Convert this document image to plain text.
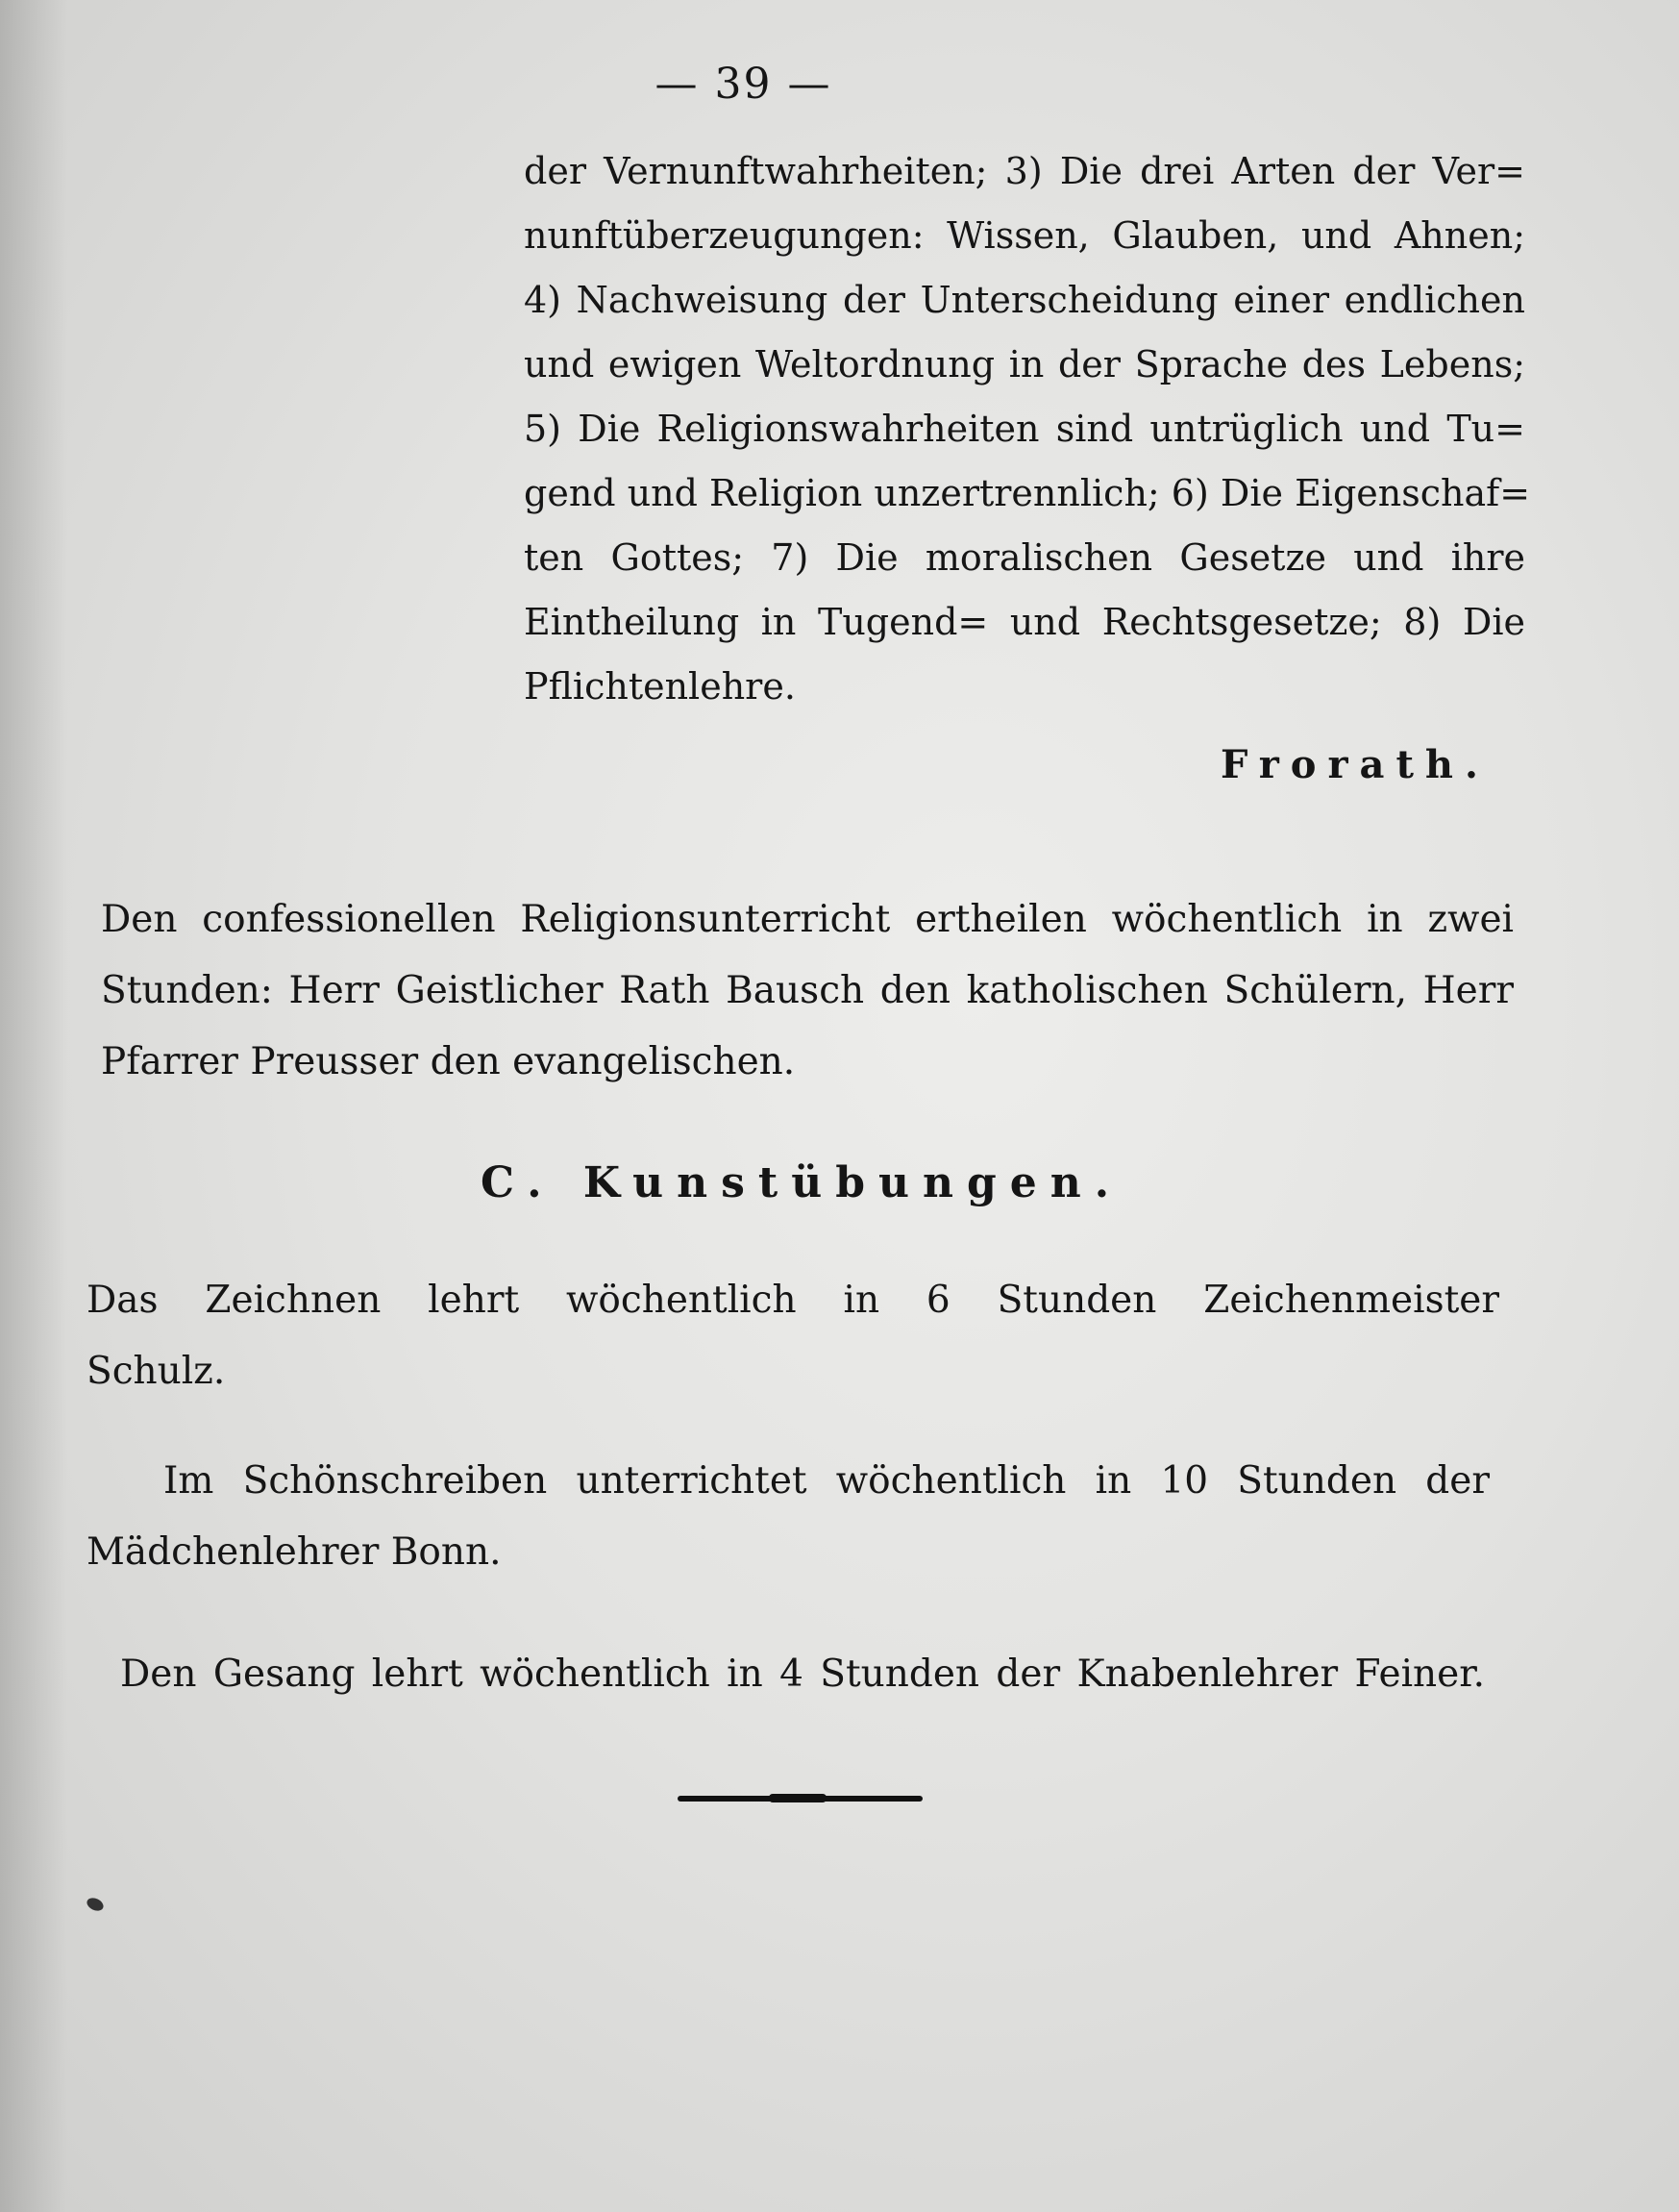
— 39 —
der Vernunftwahrheiten; 3) Die drei Arten der Ver=
nunftüberzeugungen: Wissen, Glauben, und Ahnen;
4) Nachweisung der Unterscheidung einer endlichen
und ewigen Weltordnung in der Sprache des Lebens;
5) Die Religionswahrheiten sind untrüglich und Tu=
gend und Religion unzertrennlich; 6) Die Eigenschaf=
ten Gottes; 7) Die moralischen Gesetze und ihre
Eintheilung in Tugend= und Rechtsgesetze; 8) Die
Pflichtenlehre.
Frorath.
Den confessionellen Religionsunterricht ertheilen wöchentlich in zwei
Stunden: Herr Geistlicher Rath Bausch den katholischen Schülern, Herr
Pfarrer Preusser den evangelischen.
C. Kunstübungen.
Das Zeichnen lehrt wöchentlich in 6 Stunden Zeichenmeister
Schulz.
Im Schönschreiben unterrichtet wöchentlich in 10 Stunden der
Mädchenlehrer Bonn.
Den Gesang lehrt wöchentlich in 4 Stunden der Knabenlehrer Feiner.
